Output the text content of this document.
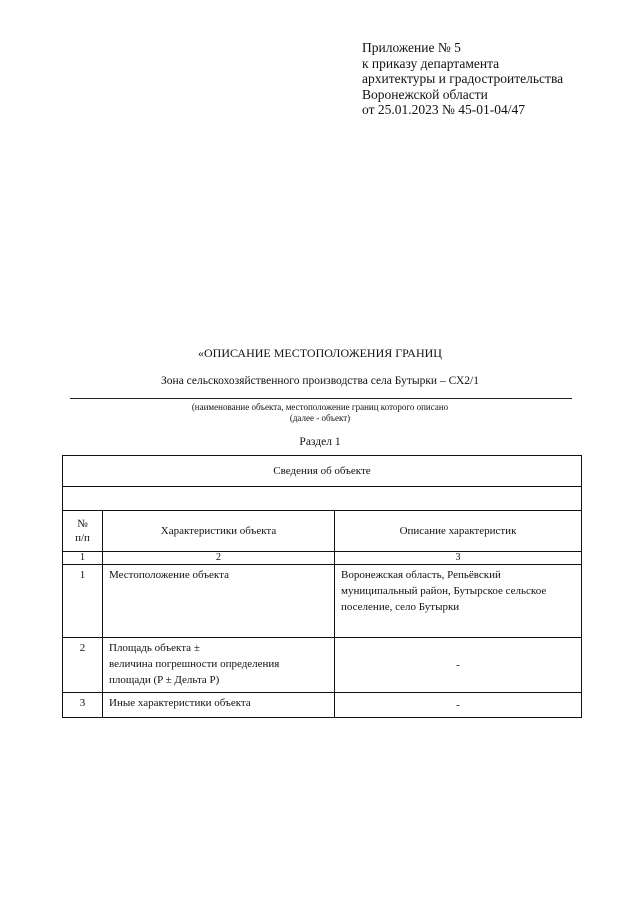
Приложение № 5
к приказу департамента
архитектуры и градостроительства
Воронежской области
от 25.01.2023 № 45-01-04/47
«ОПИСАНИЕ МЕСТОПОЛОЖЕНИЯ ГРАНИЦ
Зона сельскохозяйственного производства села Бутырки – СХ2/1
(наименование объекта, местоположение границ которого описано
(далее - объект)
Раздел 1
Сведения об объекте		

№
п/п	Характеристики объекта	Описание характеристик
1	2	3
1	Местоположение объекта	Воронежская область, Репьёвский муниципальный район, Бутырское сельское поселение, село Бутырки
2	Площадь объекта ±
величина погрешности определения
площади (P ± Дельта P)	-
3	Иные характеристики объекта	-
